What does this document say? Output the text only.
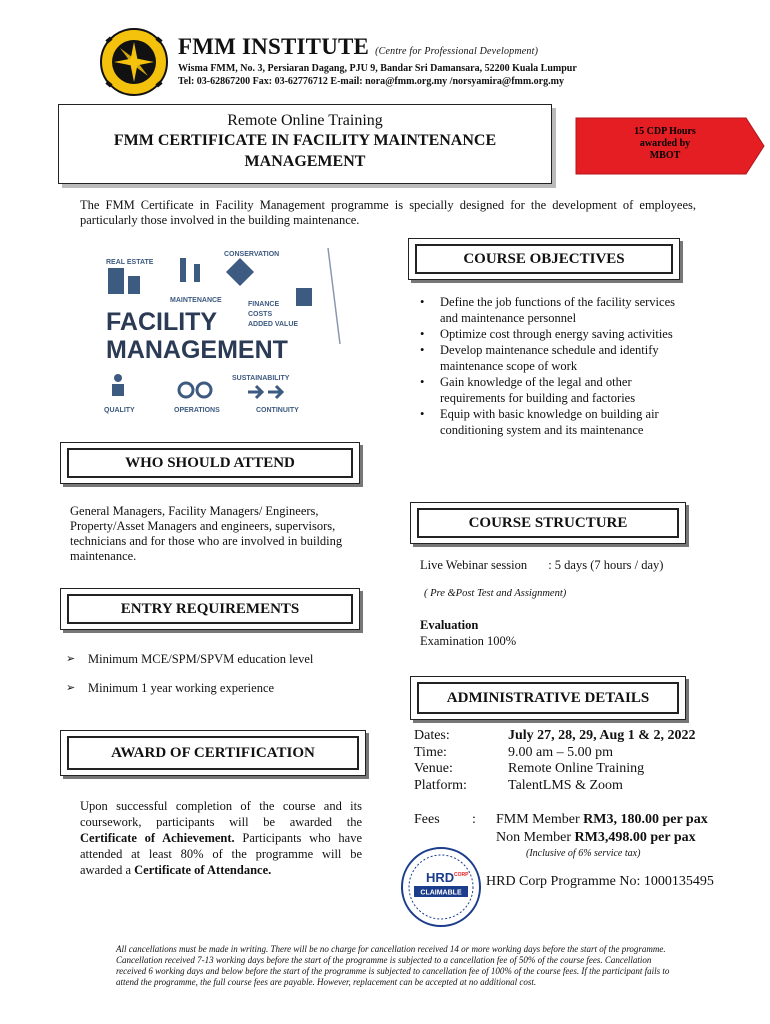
FMM INSTITUTE (Centre for Professional Development)
Wisma FMM, No. 3, Persiaran Dagang, PJU 9, Bandar Sri Damansara, 52200 Kuala Lumpur
Tel: 03-62867200 Fax: 03-62776712 E-mail: nora@fmm.org.my /norsyamira@fmm.org.my
Remote Online Training
FMM CERTIFICATE IN FACILITY MAINTENANCE
MANAGEMENT
15 CDP Hours
awarded by
MBOT
The FMM Certificate in Facility Management programme is specially designed for the development of employees, particularly those involved in the building maintenance.
REAL ESTATE
CONSERVATION
MAINTENANCE
FINANCE
COSTS
ADDED VALUE
FACILITY
MANAGEMENT
SUSTAINABILITY
QUALITY	OPERATIONS	CONTINUITY
COURSE OBJECTIVES
• Define the job functions of the facility services and maintenance personnel
• Optimize cost through energy saving activities
• Develop maintenance schedule and identify maintenance scope of work
• Gain knowledge of the legal and other requirements for building and factories
• Equip with basic knowledge on building air conditioning system and its maintenance
WHO SHOULD ATTEND
General Managers, Facility Managers/ Engineers, Property/Asset Managers and engineers, supervisors, technicians and for those who are involved in building maintenance.
COURSE STRUCTURE
Live Webinar session : 5 days (7 hours / day)
( Pre &Post Test and Assignment)
Evaluation
Examination 100%
ENTRY REQUIREMENTS
➢ Minimum MCE/SPM/SPVM education level
➢ Minimum 1 year working experience
ADMINISTRATIVE DETAILS
Dates:	July 27, 28, 29, Aug 1 & 2, 2022
Time:	9.00 am – 5.00 pm
Venue:	Remote Online Training
Platform:	TalentLMS & Zoom
Fees : FMM Member RM3, 180.00 per pax
Non Member RM3,498.00 per pax
(Inclusive of 6% service tax)
HRD CORP
CLAIMABLE
HRD Corp Programme No: 1000135495
AWARD OF CERTIFICATION
Upon successful completion of the course and its coursework, participants will be awarded the Certificate of Achievement. Participants who have attended at least 80% of the programme will be awarded a Certificate of Attendance.
All cancellations must be made in writing. There will be no charge for cancellation received 14 or more working days before the start of the programme. Cancellation received 7-13 working days before the start of the programme is subjected to a cancellation fee of 50% of the course fees. Cancellation received 6 working days and below before the start of the programme is subjected to cancellation fee of 100% of the course fees. If the participant fails to attend the programme, the full course fees are payable. However, replacement can be accepted at no additional cost.
